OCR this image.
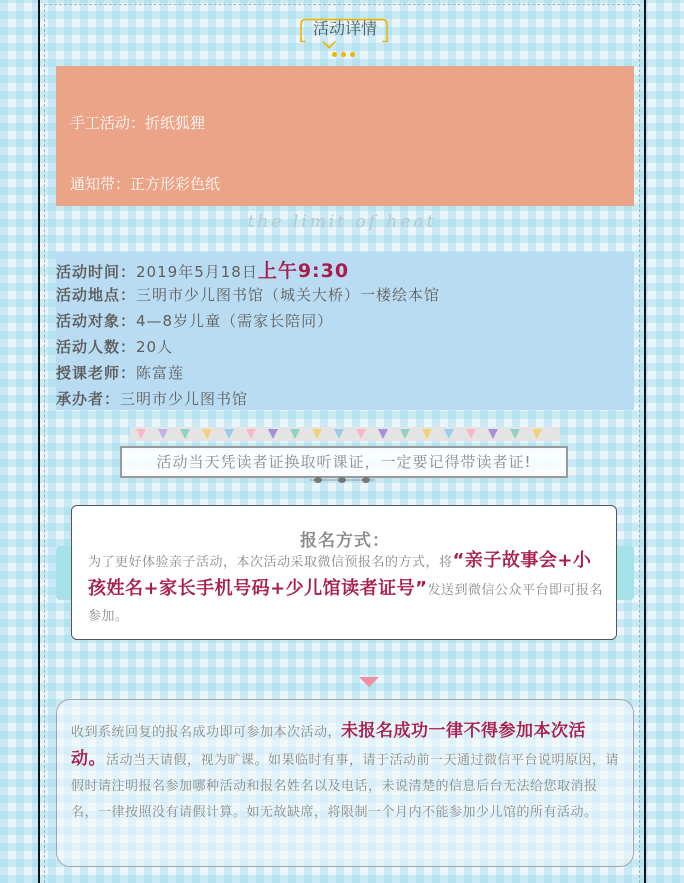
活动详情
手工活动：折纸狐狸
通知带：正方形彩色纸
the limit of heat
活动时间：2019年5月18日上午9:30
活动地点：三明市少儿图书馆（城关大桥）一楼绘本馆
活动对象：4—8岁儿童（需家长陪同）
活动人数：20人
授课老师：陈富莲
承办者：三明市少儿图书馆
活动当天凭读者证换取听课证，一定要记得带读者证!
报名方式：
为了更好体验亲子活动，本次活动采取微信预报名的方式，将“亲子故事会+小孩姓名+家长手机号码+少儿馆读者证号”发送到微信公众平台即可报名参加。
收到系统回复的报名成功即可参加本次活动，未报名成功一律不得参加本次活动。活动当天请假，视为旷课。如果临时有事，请于活动前一天通过微信平台说明原因，请假时请注明报名参加哪种活动和报名姓名以及电话，未说清楚的信息后台无法给您取消报名，一律按照没有请假计算。如无故缺席，将限制一个月内不能参加少儿馆的所有活动。
